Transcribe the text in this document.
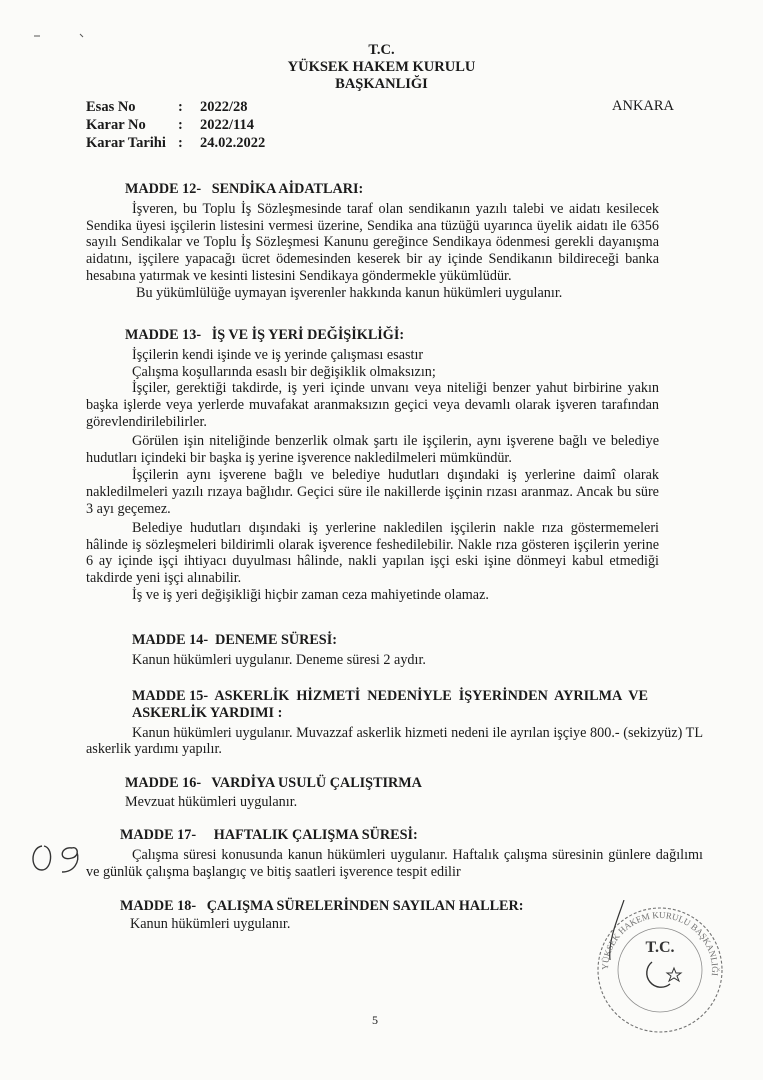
T.C.
YÜKSEK HAKEM KURULU
BAŞKANLIĞI
Esas No	:	2022/28
Karar No	:	2022/114
Karar Tarihi :	24.02.2022
ANKARA
MADDE 12-   SENDİKA AİDATLARI:
İşveren, bu Toplu İş Sözleşmesinde taraf olan sendikanın yazılı talebi ve aidatı kesilecek Sendika üyesi işçilerin listesini vermesi üzerine, Sendika ana tüzüğü uyarınca üyelik aidatı ile 6356 sayılı Sendikalar ve Toplu İş Sözleşmesi Kanunu gereğince Sendikaya ödenmesi gerekli dayanışma aidatını, işçilere yapacağı ücret ödemesinden keserek bir ay içinde Sendikanın bildireceği banka hesabına yatırmak ve kesinti listesini Sendikaya göndermekle yükümlüdür.
Bu yükümlülüğe uymayan işverenler hakkında kanun hükümleri uygulanır.
MADDE 13-   İŞ VE İŞ YERİ DEĞİŞİKLİĞİ:
İşçilerin kendi işinde ve iş yerinde çalışması esastır
Çalışma koşullarında esaslı bir değişiklik olmaksızın;
İşçiler, gerektiği takdirde, iş yeri içinde unvanı veya niteliği benzer yahut birbirine yakın başka işlerde veya yerlerde muvafakat aranmaksızın geçici veya devamlı olarak işveren tarafından görevlendirilebilirler.
Görülen işin niteliğinde benzerlik olmak şartı ile işçilerin, aynı işverene bağlı ve belediye hudutları içindeki bir başka iş yerine işverence nakledilmeleri mümkündür.
İşçilerin aynı işverene bağlı ve belediye hudutları dışındaki iş yerlerine daimî olarak nakledilmeleri yazılı rızaya bağlıdır. Geçici süre ile nakillerde işçinin rızası aranmaz. Ancak bu süre 3 ayı geçemez.
Belediye hudutları dışındaki iş yerlerine nakledilen işçilerin nakle rıza göstermemeleri hâlinde iş sözleşmeleri bildirimli olarak işverence feshedilebilir. Nakle rıza gösteren işçilerin yerine 6 ay içinde işçi ihtiyacı duyulması hâlinde, nakli yapılan işçi eski işine dönmeyi kabul etmediği takdirde yeni işçi alınabilir.
İş ve iş yeri değişikliği hiçbir zaman ceza mahiyetinde olamaz.
MADDE 14-  DENEME SÜRESİ:
Kanun hükümleri uygulanır. Deneme süresi 2 aydır.
MADDE 15-  ASKERLİK  HİZMETİ  NEDENİYLE  İŞYERİNDEN  AYRILMA  VE
ASKERLİK YARDIMI :
Kanun hükümleri uygulanır. Muvazzaf askerlik hizmeti nedeni ile ayrılan işçiye 800.- (sekizyüz) TL askerlik yardımı yapılır.
MADDE 16-   VARDİYA USULÜ ÇALIŞTIRMA
Mevzuat hükümleri uygulanır.
MADDE 17-     HAFTALIK ÇALIŞMA SÜRESİ:
Çalışma süresi konusunda kanun hükümleri uygulanır. Haftalık çalışma süresinin günlere dağılımı ve günlük çalışma başlangıç ve bitiş saatleri işverence tespit edilir
MADDE 18-   ÇALIŞMA SÜRELERİNDEN SAYILAN HALLER:
Kanun hükümleri uygulanır.
YÜKSEK HAKEM KURULU BAŞKANLIĞI
T.C.
5
